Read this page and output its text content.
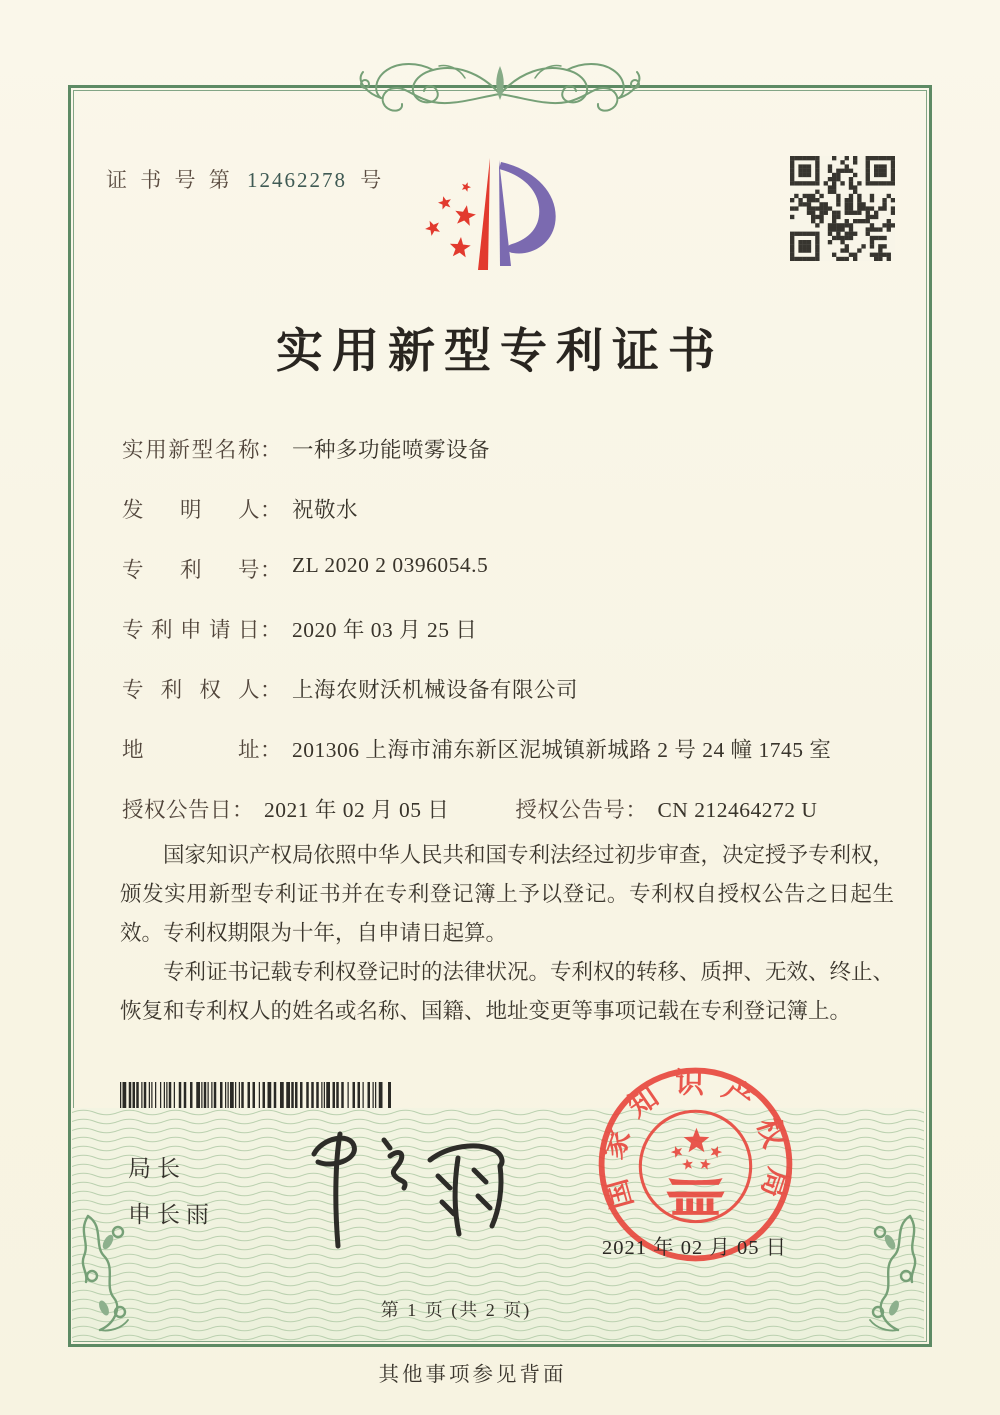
证 书 号 第 12462278 号
实用新型专利证书
实用新型名称 ： 一种多功能喷雾设备
发明人 ： 祝敬水
专利号 ： ZL 2020 2 0396054.5
专利申请日 ： 2020 年 03 月 25 日
专利权人 ： 上海农财沃机械设备有限公司
地址 ： 201306 上海市浦东新区泥城镇新城路 2 号 24 幢 1745 室
授权公告日： 2021 年 02 月 05 日	授权公告号： CN 212464272 U

国家知识产权局依照中华人民共和国专利法经过初步审查，决定授予专利权，颁发实用新型专利证书并在专利登记簿上予以登记。专利权自授权公告之日起生效。专利权期限为十年，自申请日起算。

专利证书记载专利权登记时的法律状况。专利权的转移、质押、无效、终止、恢复和专利权人的姓名或名称、国籍、地址变更等事项记载在专利登记簿上。

局长
申长雨
国家知识产权局
2021 年 02 月 05 日
第 1 页 (共 2 页)
其他事项参见背面
